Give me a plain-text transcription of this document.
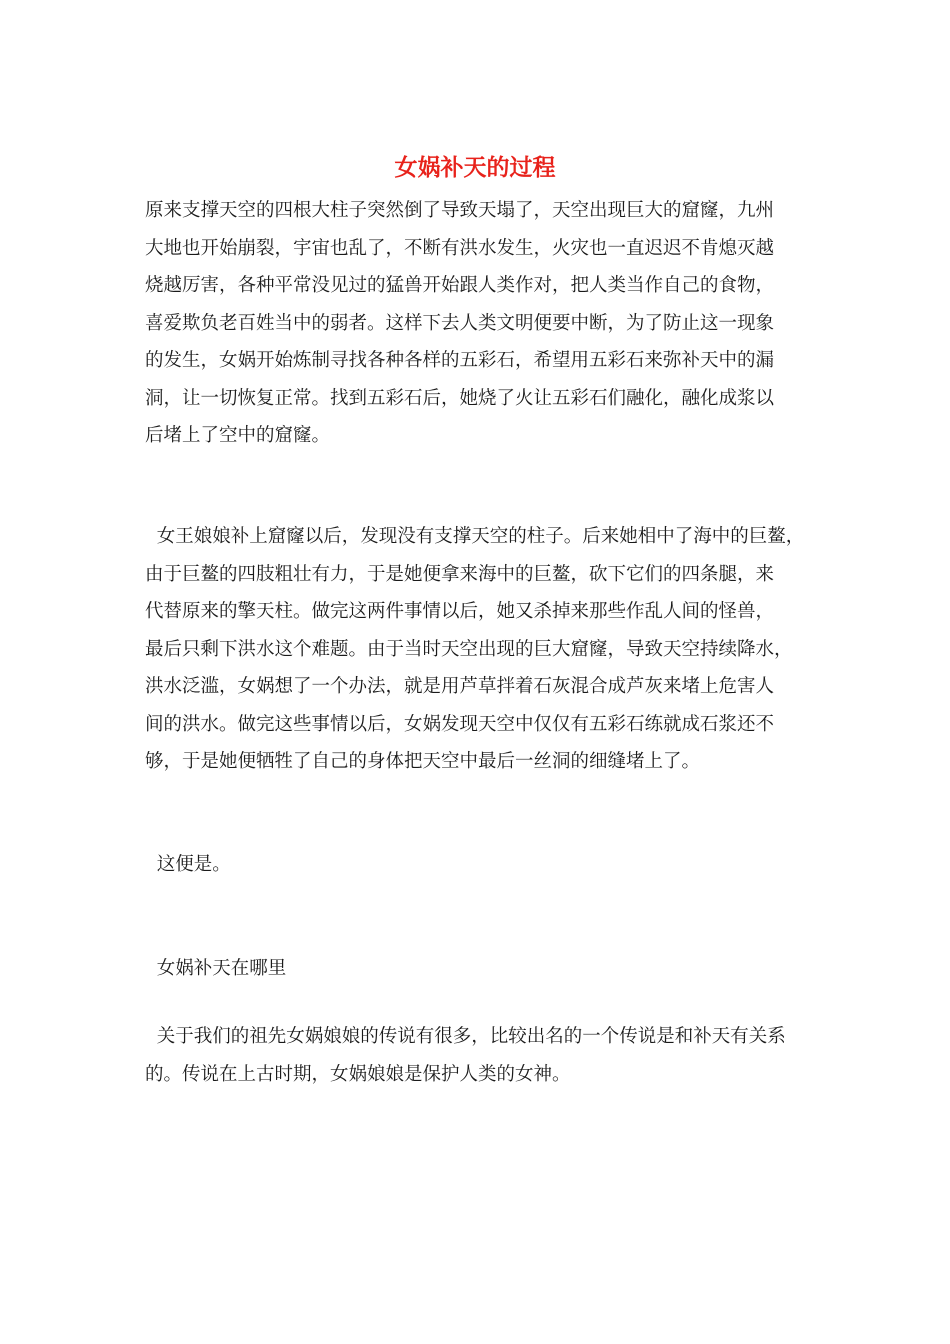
女娲补天的过程
原来支撑天空的四根大柱子突然倒了导致天塌了，天空出现巨大的窟窿，九州
大地也开始崩裂，宇宙也乱了，不断有洪水发生，火灾也一直迟迟不肯熄灭越
烧越厉害，各种平常没见过的猛兽开始跟人类作对，把人类当作自己的食物，
喜爱欺负老百姓当中的弱者。这样下去人类文明便要中断，为了防止这一现象
的发生，女娲开始炼制寻找各种各样的五彩石，希望用五彩石来弥补天中的漏
洞，让一切恢复正常。找到五彩石后，她烧了火让五彩石们融化，融化成浆以
后堵上了空中的窟窿。
女王娘娘补上窟窿以后，发现没有支撑天空的柱子。后来她相中了海中的巨鳌，
由于巨鳌的四肢粗壮有力，于是她便拿来海中的巨鳌，砍下它们的四条腿，来
代替原来的擎天柱。做完这两件事情以后，她又杀掉来那些作乱人间的怪兽，
最后只剩下洪水这个难题。由于当时天空出现的巨大窟窿，导致天空持续降水，
洪水泛滥，女娲想了一个办法，就是用芦草拌着石灰混合成芦灰来堵上危害人
间的洪水。做完这些事情以后，女娲发现天空中仅仅有五彩石练就成石浆还不
够，于是她便牺牲了自己的身体把天空中最后一丝洞的细缝堵上了。
这便是。
女娲补天在哪里
关于我们的祖先女娲娘娘的传说有很多，比较出名的一个传说是和补天有关系
的。传说在上古时期，女娲娘娘是保护人类的女神。
